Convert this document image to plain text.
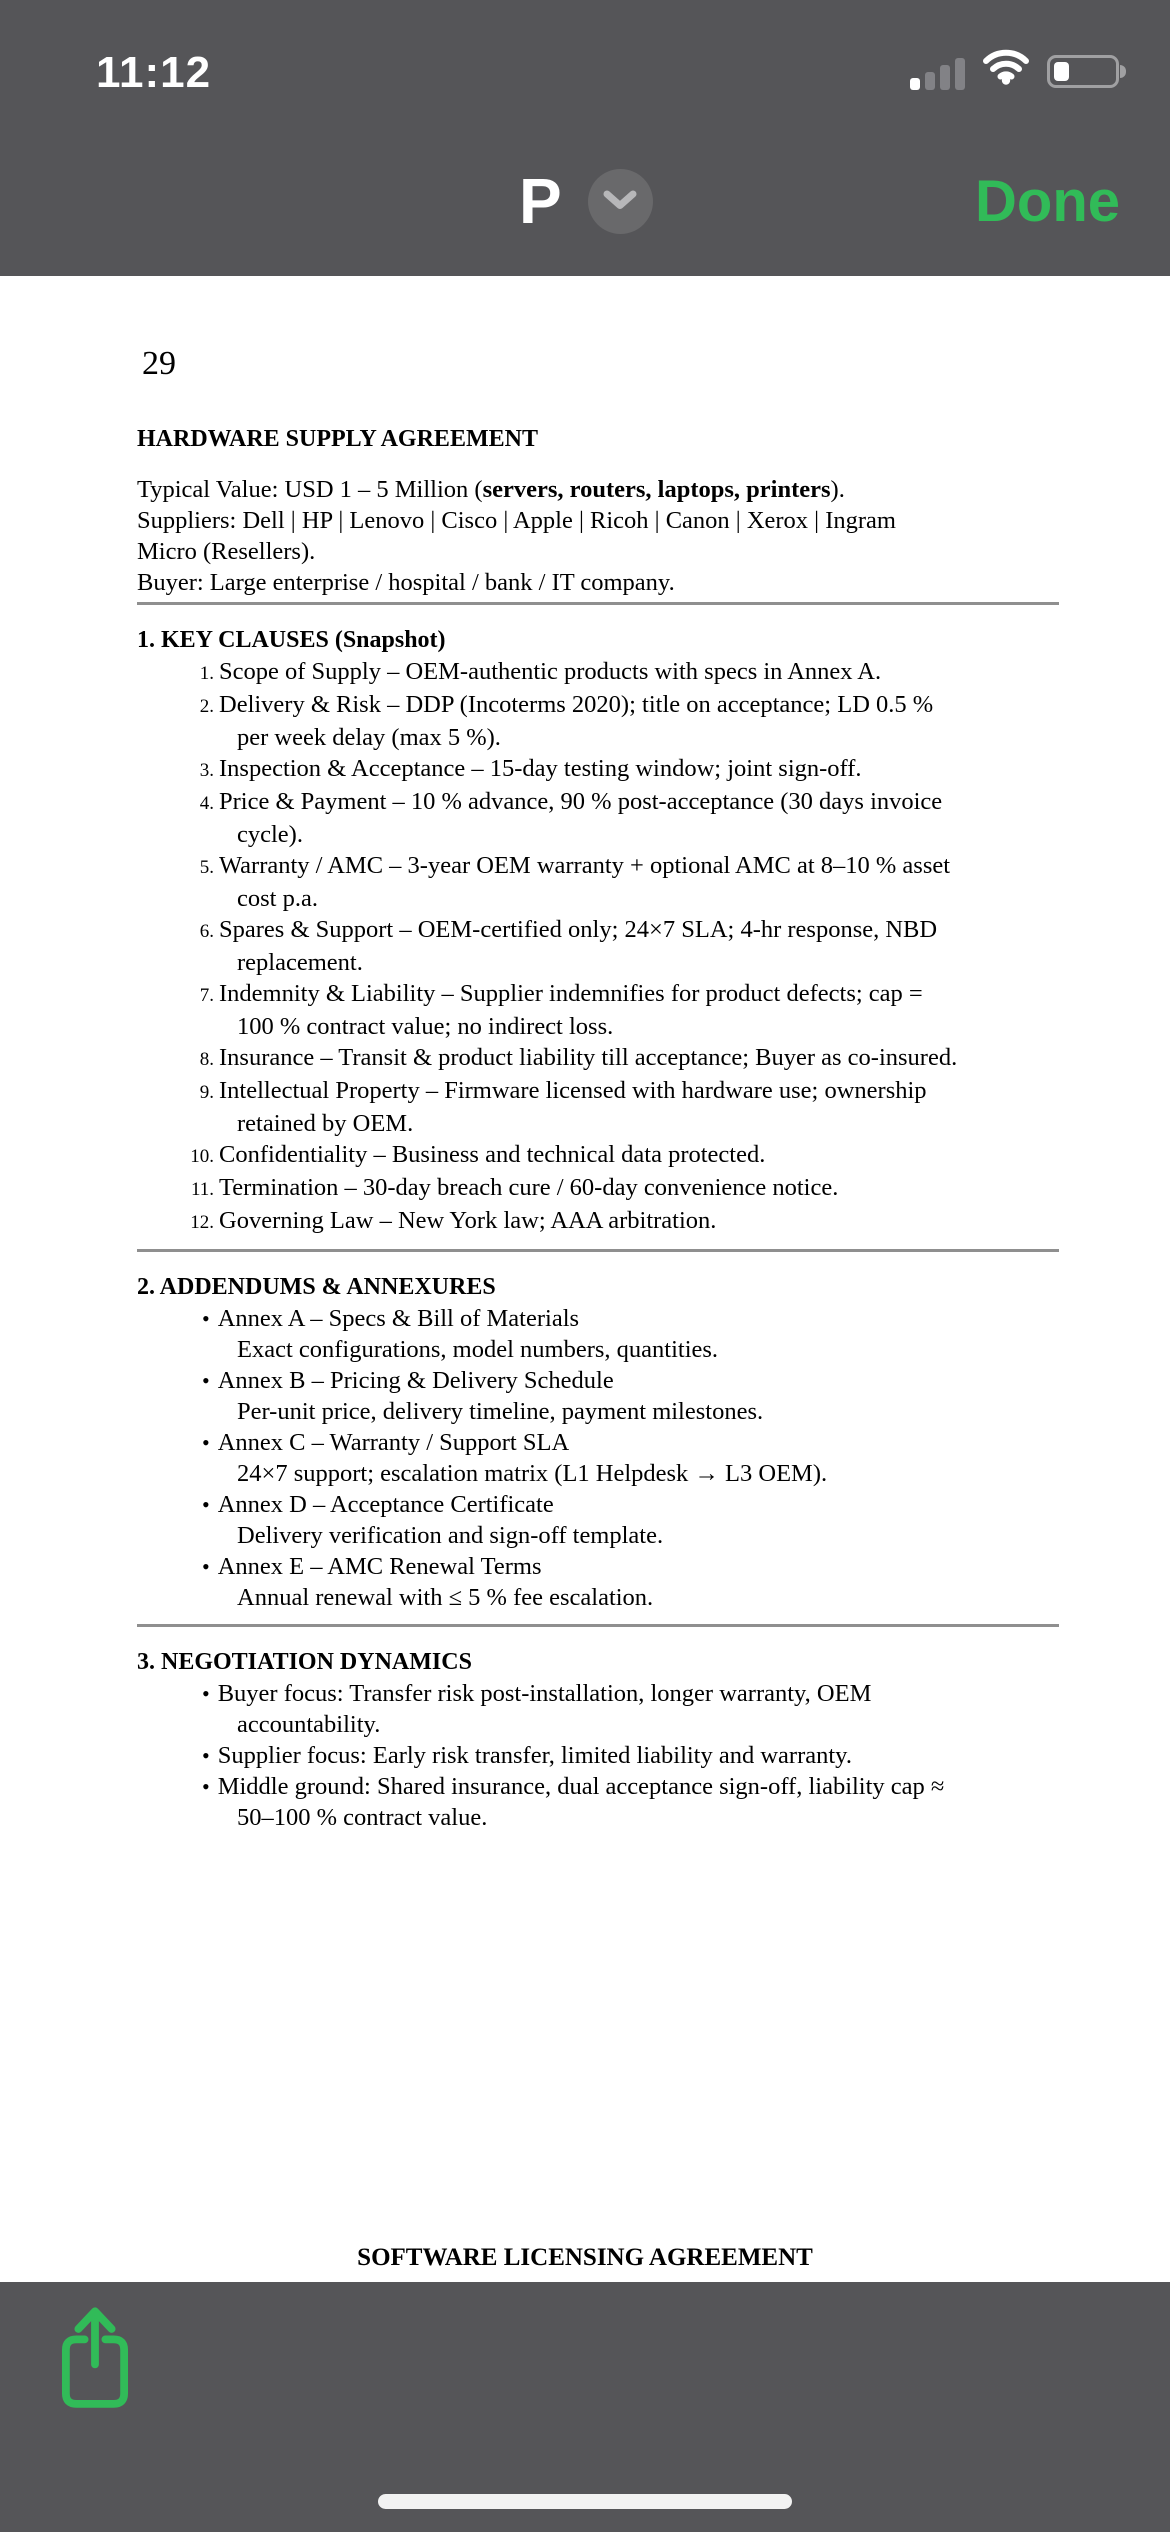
11:12
P	Done
29
HARDWARE SUPPLY AGREEMENT
Typical Value: USD 1 – 5 Million (servers, routers, laptops, printers).
Suppliers: Dell | HP | Lenovo | Cisco | Apple | Ricoh | Canon | Xerox | Ingram
Micro (Resellers).
Buyer: Large enterprise / hospital / bank / IT company.
1. KEY CLAUSES (Snapshot)
1. Scope of Supply – OEM-authentic products with specs in Annex A.
2. Delivery & Risk – DDP (Incoterms 2020); title on acceptance; LD 0.5 %
per week delay (max 5 %).
3. Inspection & Acceptance – 15-day testing window; joint sign-off.
4. Price & Payment – 10 % advance, 90 % post-acceptance (30 days invoice
cycle).
5. Warranty / AMC – 3-year OEM warranty + optional AMC at 8–10 % asset
cost p.a.
6. Spares & Support – OEM-certified only; 24×7 SLA; 4-hr response, NBD
replacement.
7. Indemnity & Liability – Supplier indemnifies for product defects; cap =
100 % contract value; no indirect loss.
8. Insurance – Transit & product liability till acceptance; Buyer as co-insured.
9. Intellectual Property – Firmware licensed with hardware use; ownership
retained by OEM.
10. Confidentiality – Business and technical data protected.
11. Termination – 30-day breach cure / 60-day convenience notice.
12. Governing Law – New York law; AAA arbitration.
2. ADDENDUMS & ANNEXURES
• Annex A – Specs & Bill of Materials
Exact configurations, model numbers, quantities.
• Annex B – Pricing & Delivery Schedule
Per-unit price, delivery timeline, payment milestones.
• Annex C – Warranty / Support SLA
24×7 support; escalation matrix (L1 Helpdesk → L3 OEM).
• Annex D – Acceptance Certificate
Delivery verification and sign-off template.
• Annex E – AMC Renewal Terms
Annual renewal with ≤ 5 % fee escalation.
3. NEGOTIATION DYNAMICS
• Buyer focus: Transfer risk post-installation, longer warranty, OEM
accountability.
• Supplier focus: Early risk transfer, limited liability and warranty.
• Middle ground: Shared insurance, dual acceptance sign-off, liability cap ≈
50–100 % contract value.
SOFTWARE LICENSING AGREEMENT
